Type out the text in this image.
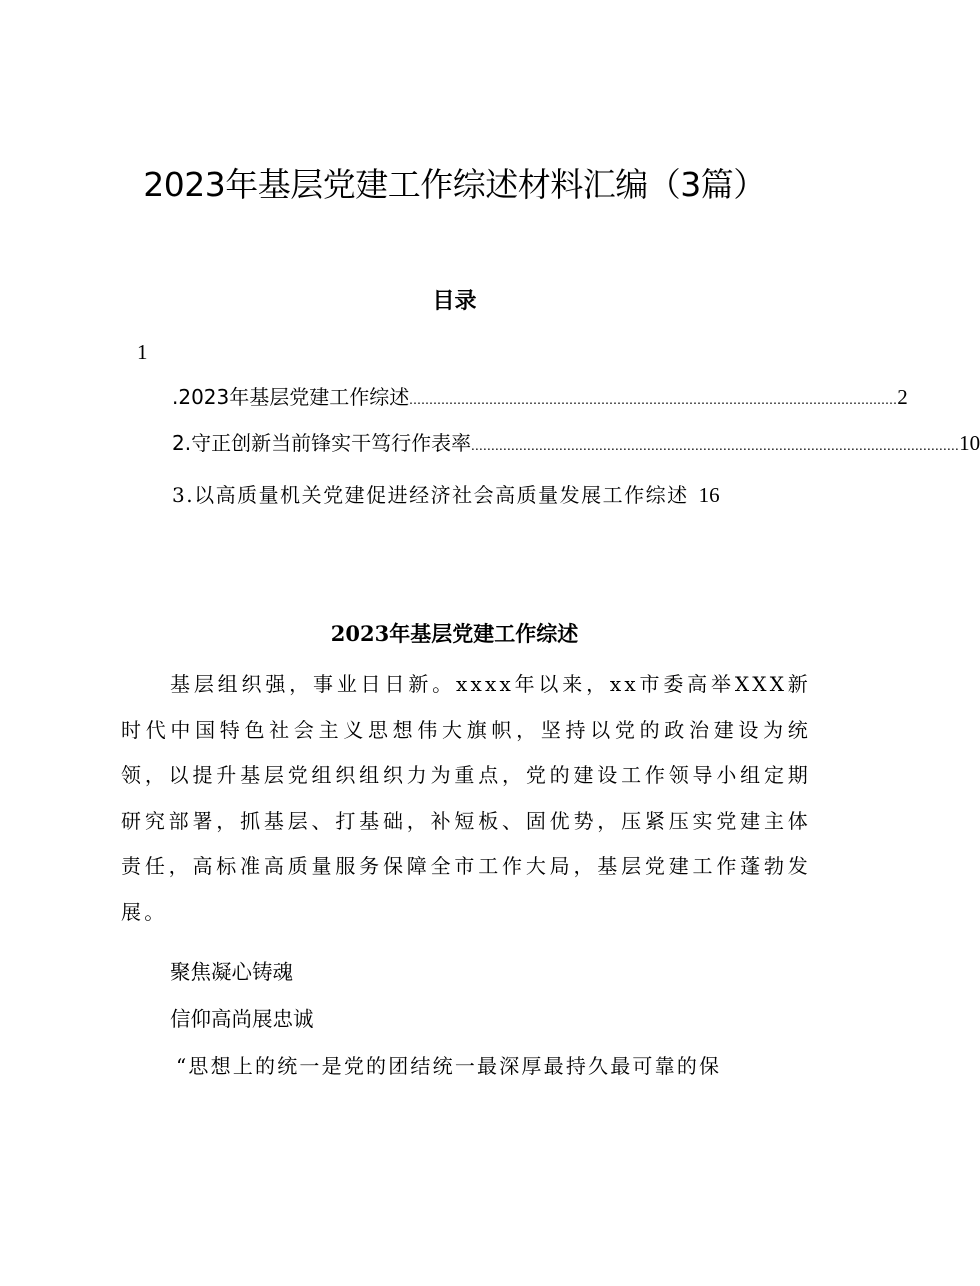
2023年基层党建工作综述材料汇编（3篇）
目录
1
.2023年基层党建工作综述 .......................................................................................................................... 2
2.守正创新当前锋实干笃行作表率 .......................................................................................................................... 10
3.以高质量机关党建促进经济社会高质量发展工作综述 16
2023年基层党建工作综述
基层组织强，事业日日新。xxxx年以来，xx市委高举XXX新时代中国特色社会主义思想伟大旗帜，坚持以党的政治建设为统领，以提升基层党组织组织力为重点，党的建设工作领导小组定期研究部署，抓基层、打基础，补短板、固优势，压紧压实党建主体责任，高标准高质量服务保障全市工作大局，基层党建工作蓬勃发展。
聚焦凝心铸魂
信仰高尚展忠诚
“思想上的统一是党的团结统一最深厚最持久最可靠的保
